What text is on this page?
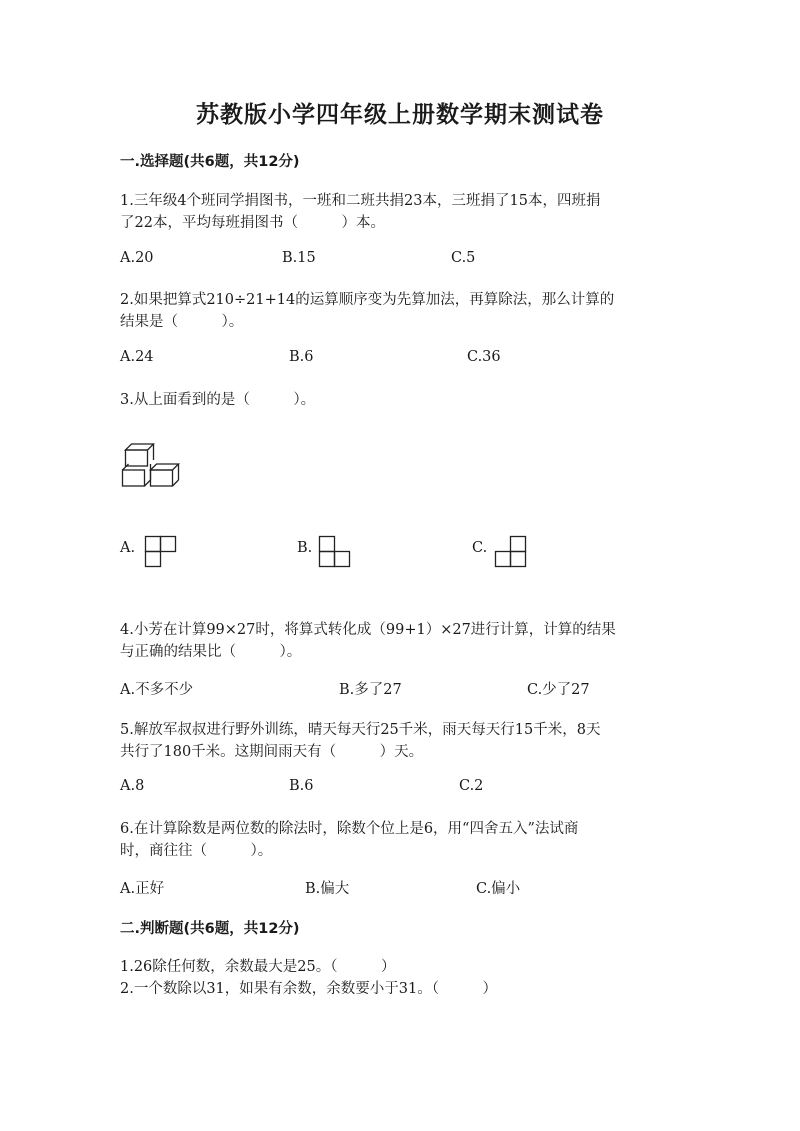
苏教版小学四年级上册数学期末测试卷
一.选择题(共6题，共12分)
1.三年级4个班同学捐图书，一班和二班共捐23本，三班捐了15本，四班捐
了22本，平均每班捐图书（　　　）本。
A.20	B.15	C.5
2.如果把算式210÷21+14的运算顺序变为先算加法，再算除法，那么计算的
结果是（　　　）。
A.24	B.6	C.36
3.从上面看到的是（　　　）。
A.	B.	C.
4.小芳在计算99×27时，将算式转化成（99+1）×27进行计算，计算的结果
与正确的结果比（　　　）。
A.不多不少	B.多了27	C.少了27
5.解放军叔叔进行野外训练，晴天每天行25千米，雨天每天行15千米，8天
共行了180千米。这期间雨天有（　　　）天。
A.8	B.6	C.2
6.在计算除数是两位数的除法时，除数个位上是6，用“四舍五入”法试商
时，商往往（　　　）。
A.正好	B.偏大	C.偏小
二.判断题(共6题，共12分)
1.26除任何数，余数最大是25。（　　　）
2.一个数除以31，如果有余数，余数要小于31。（　　　）
